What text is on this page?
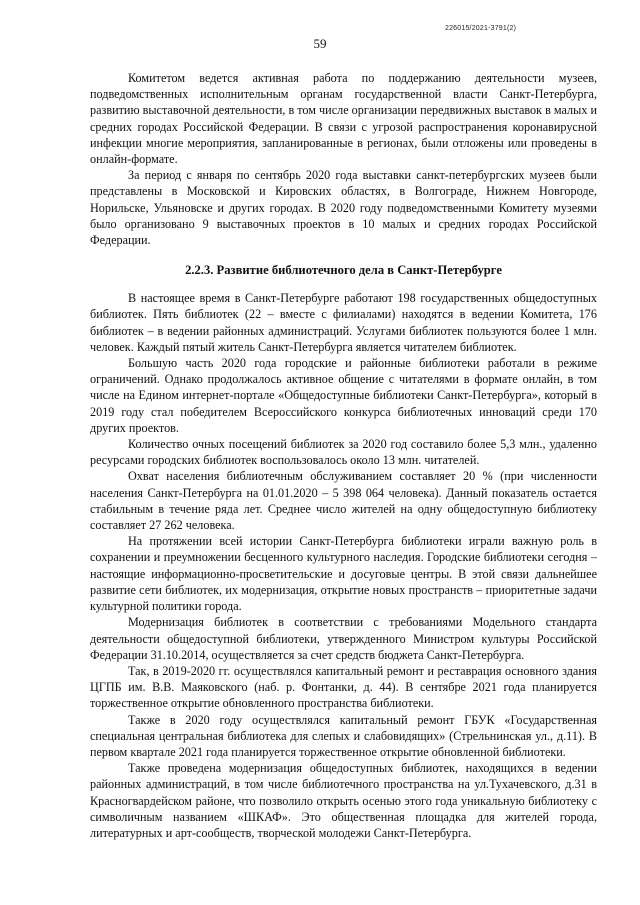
226015/2021-3791(2)
59

Комитетом ведется активная работа по поддержанию деятельности музеев, подведомственных исполнительным органам государственной власти Санкт-Петербурга, развитию выставочной деятельности, в том числе организации передвижных выставок в малых и средних городах Российской Федерации. В связи с угрозой распространения коронавирусной инфекции многие мероприятия, запланированные в регионах, были отложены или проведены в онлайн-формате.

За период с января по сентябрь 2020 года выставки санкт-петербургских музеев были представлены в Московской и Кировских областях, в Волгограде, Нижнем Новгороде, Норильске, Ульяновске и других городах. В 2020 году подведомственными Комитету музеями было организовано 9 выставочных проектов в 10 малых и средних городах Российской Федерации.

2.2.3. Развитие библиотечного дела в Санкт-Петербурге

В настоящее время в Санкт-Петербурге работают 198 государственных общедоступных библиотек. Пять библиотек (22 – вместе с филиалами) находятся в ведении Комитета, 176 библиотек – в ведении районных администраций. Услугами библиотек пользуются более 1 млн. человек. Каждый пятый житель Санкт-Петербурга является читателем библиотек.

Большую часть 2020 года городские и районные библиотеки работали в режиме ограничений. Однако продолжалось активное общение с читателями в формате онлайн, в том числе на Едином интернет-портале «Общедоступные библиотеки Санкт-Петербурга», который в 2019 году стал победителем Всероссийского конкурса библиотечных инноваций среди 170 других проектов.

Количество очных посещений библиотек за 2020 год составило более 5,3 млн., удаленно ресурсами городских библиотек воспользовалось около 13 млн. читателей.

Охват населения библиотечным обслуживанием составляет 20 % (при численности населения Санкт-Петербурга на 01.01.2020 – 5 398 064 человека). Данный показатель остается стабильным в течение ряда лет. Среднее число жителей на одну общедоступную библиотеку составляет 27 262 человека.

На протяжении всей истории Санкт-Петербурга библиотеки играли важную роль в сохранении и преумножении бесценного культурного наследия. Городские библиотеки сегодня – настоящие информационно-просветительские и досуговые центры. В этой связи дальнейшее развитие сети библиотек, их модернизация, открытие новых пространств – приоритетные задачи культурной политики города.

Модернизация библиотек в соответствии с требованиями Модельного стандарта деятельности общедоступной библиотеки, утвержденного Министром культуры Российской Федерации 31.10.2014, осуществляется за счет средств бюджета Санкт-Петербурга.

Так, в 2019-2020 гг. осуществлялся капитальный ремонт и реставрация основного здания ЦГПБ им. В.В. Маяковского (наб. р. Фонтанки, д. 44). В сентябре 2021 года планируется торжественное открытие обновленного пространства библиотеки.

Также в 2020 году осуществлялся капитальный ремонт ГБУК «Государственная специальная центральная библиотека для слепых и слабовидящих» (Стрельнинская ул., д.11). В первом квартале 2021 года планируется торжественное открытие обновленной библиотеки.

Также проведена модернизация общедоступных библиотек, находящихся в ведении районных администраций, в том числе библиотечного пространства на ул.Тухачевского, д.31 в Красногвардейском районе, что позволило открыть осенью этого года уникальную библиотеку с символичным названием «ШКАФ». Это общественная площадка для жителей города, литературных и арт-сообществ, творческой молодежи Санкт-Петербурга.
